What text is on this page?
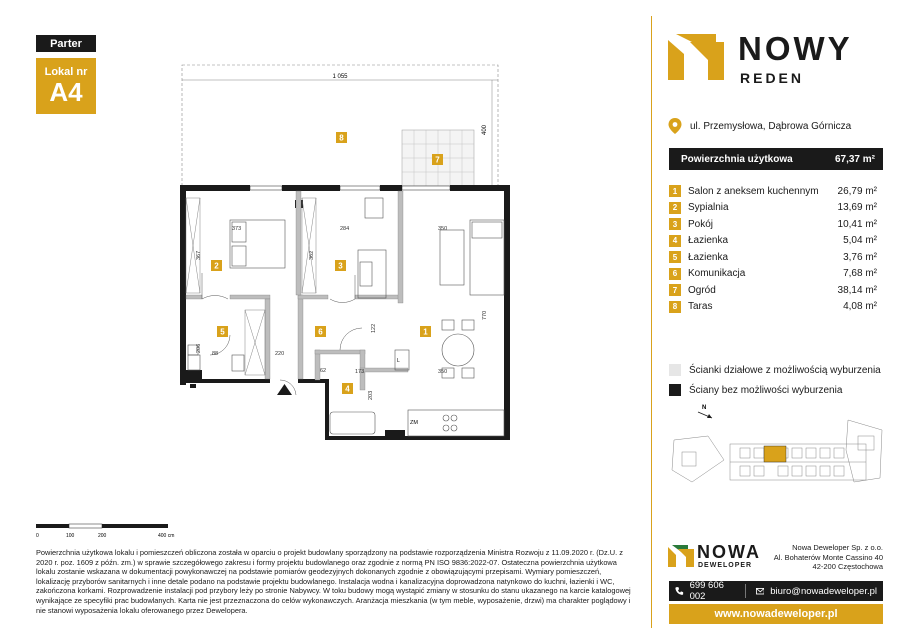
Parter
Lokal nr
A4	1 055
400
ZM
L
373	284	350
367	362
122
770
220
88
206
173	350
62
203
8
7
2	3
5	6	1
4
NOWY
REDEN
ul. Przemysłowa, Dąbrowa Górnicza
Powierzchnia użytkowa	67,37 m²
1	Salon z aneksem kuchennym	26,79 m²
2	Sypialnia	13,69 m²
3	Pokój	10,41 m²
4	Łazienka	5,04 m²
5	Łazienka	3,76 m²
6	Komunikacja	7,68 m²
7	Ogród	38,14 m²
8	Taras	4,08 m²
Ścianki działowe z możliwością wyburzenia
Ściany bez możliwości wyburzenia
N
0	100	200	400 cm
Powierzchnia użytkowa lokalu i pomieszczeń obliczona została w oparciu o projekt budowlany sporządzony na podstawie rozporządzenia Ministra Rozwoju z 11.09.2020 r. (Dz.U. z 2020 r. poz. 1609 z późn. zm.) w sprawie szczegółowego zakresu i formy projektu budowlanego oraz zgodnie z normą PN ISO 9836:2022-07. Ostateczna powierzchnia użytkowa lokalu zostanie wskazana w dokumentacji powykonawczej na podstawie pomiarów geodezyjnych dokonanych zgodnie z obowiązującymi przepisami. Wymiary pomieszczeń, lokalizację przyborów sanitarnych i inne detale podano na podstawie projektu budowlanego. Instalacja wodna i kanalizacyjna doprowadzona natynkowo do kuchni, łazienki i WC, zakończona korkami. Rozprowadzenie instalacji pod przybory leży po stronie Nabywcy. W toku budowy mogą wystąpić zmiany w stosunku do stanu ukazanego na karcie katalogowej wynikające ze specyfiki prac budowlanych. Karta nie jest przeznaczona do celów wykonawczych. Aranżacja mieszkania (w tym meble, wyposażenie, drzwi) ma charakter poglądowy i nie stanowi wyposażenia lokalu oferowanego przez Dewelopera.
NOWA
DEWELOPER
Nowa Deweloper Sp. z o.o.
Al. Bohaterów Monte Cassino 40
42-200 Częstochowa
699 606 002	biuro@nowadeweloper.pl
www.nowadeweloper.pl
